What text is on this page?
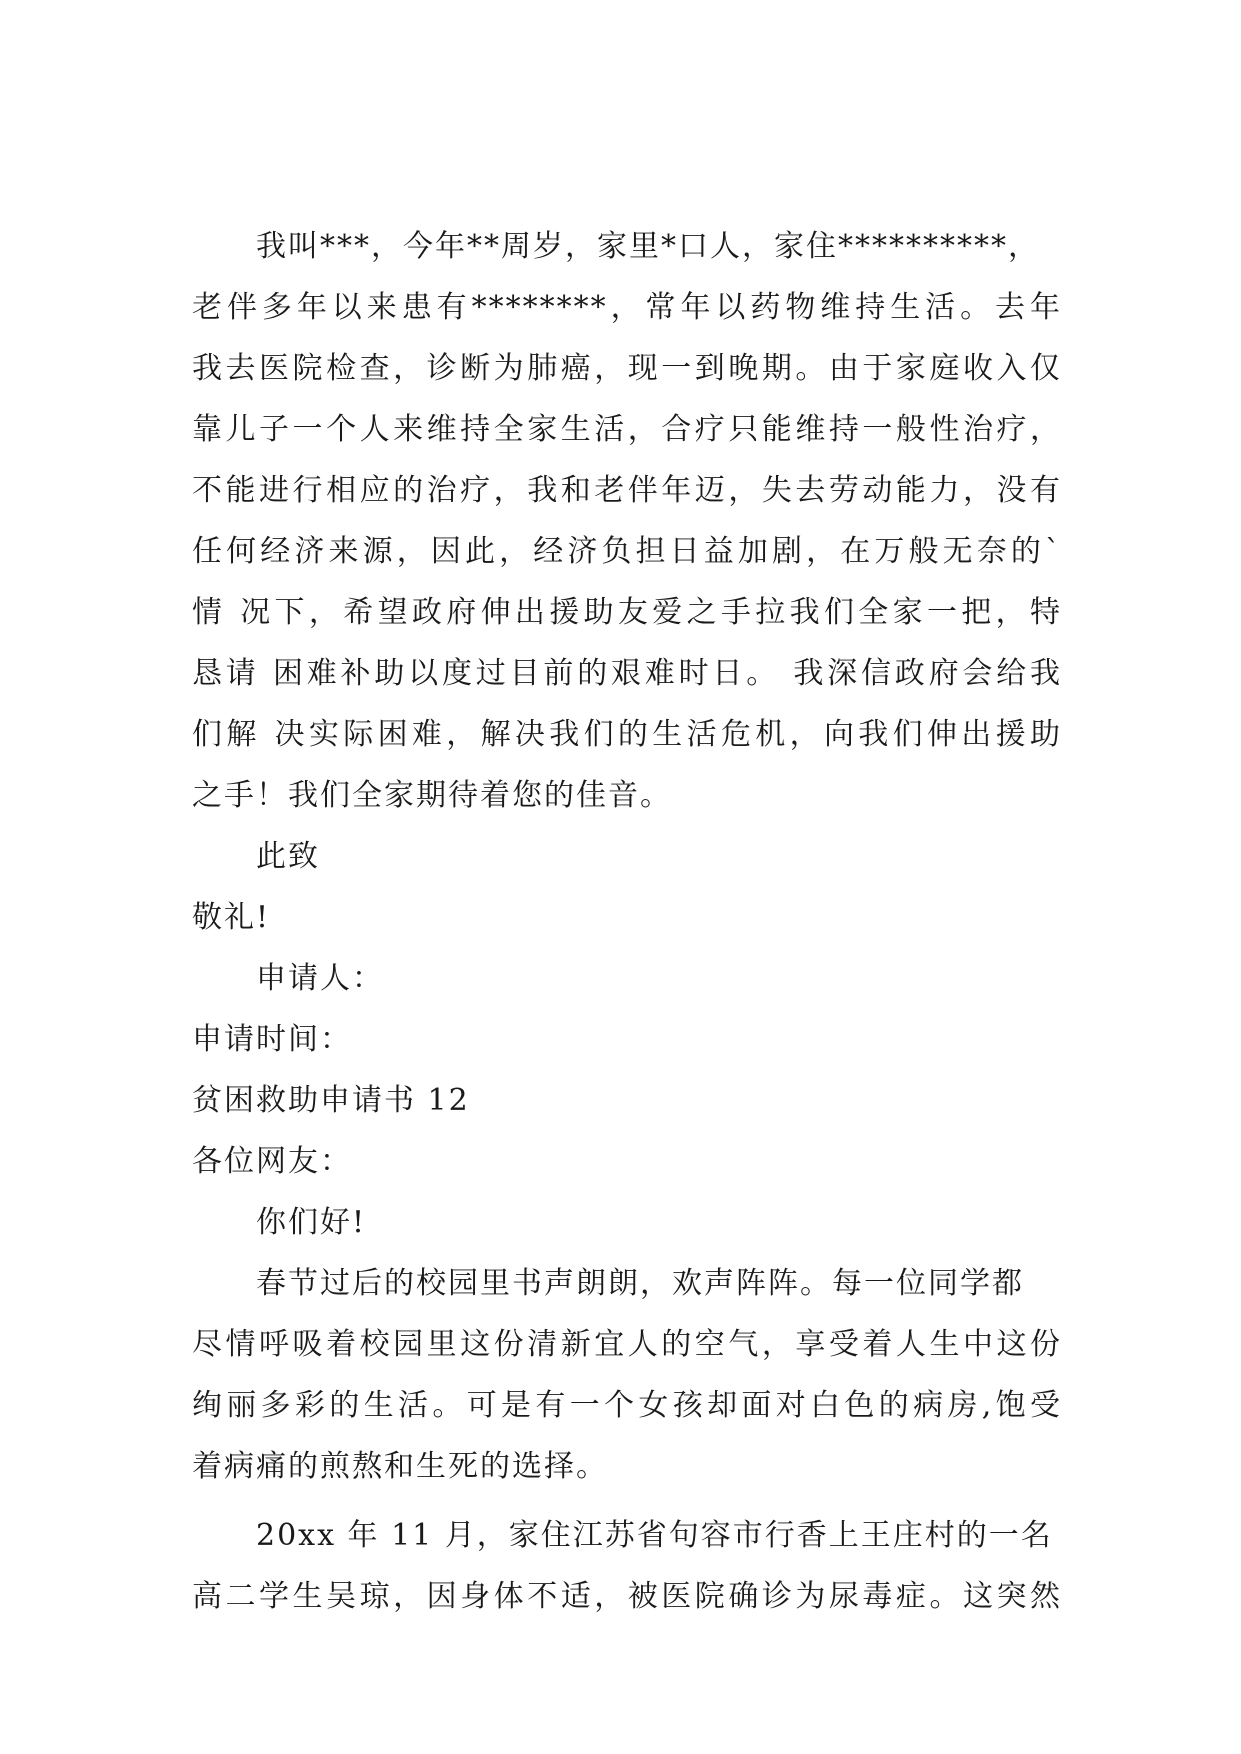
我叫***，今年**周岁，家里*口人，家住**********，
老伴多年以来患有********，常年以药物维持生活。去年
我去医院检查，诊断为肺癌，现一到晚期。由于家庭收入仅
靠儿子一个人来维持全家生活，合疗只能维持一般性治疗，
不能进行相应的治疗，我和老伴年迈，失去劳动能力，没有
任何经济来源，因此，经济负担日益加剧，在万般无奈的`
情 况下，希望政府伸出援助友爱之手拉我们全家一把，特
恳请 困难补助以度过目前的艰难时日。 我深信政府会给我
们解 决实际困难，解决我们的生活危机，向我们伸出援助
之手！我们全家期待着您的佳音。
此致
敬礼!
申请人：
申请时间：
贫困救助申请书 12
各位网友：
你们好!
春节过后的校园里书声朗朗，欢声阵阵。每一位同学都
尽情呼吸着校园里这份清新宜人的空气，享受着人生中这份
绚丽多彩的生活。可是有一个女孩却面对白色的病房,饱受
着病痛的煎熬和生死的选择。
20xx 年 11 月，家住江苏省句容市行香上王庄村的一名
高二学生吴琼，因身体不适，被医院确诊为尿毒症。这突然
